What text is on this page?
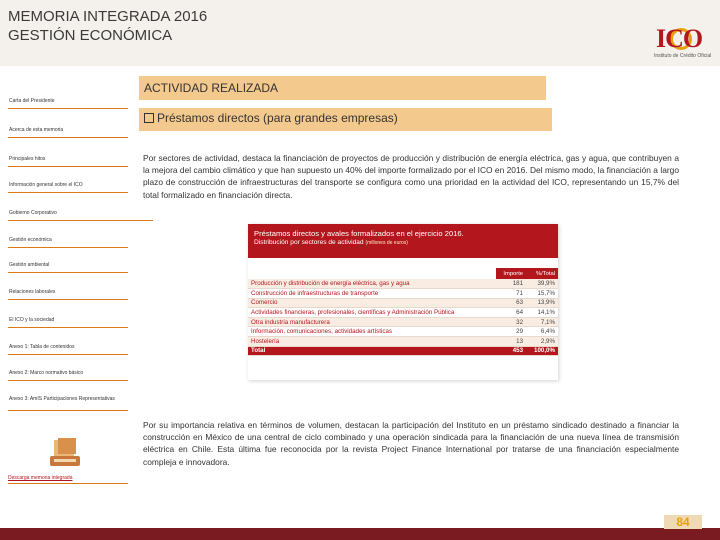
MEMORIA INTEGRADA 2016
GESTIÓN ECONÓMICA	ICO
Instituto de Crédito Oficial
ACTIVIDAD REALIZADA
Préstamos directos (para grandes empresas)
Carta del Presidente
Acerca de esta memoria
Principales hitos
Información general sobre el ICO
Gobierno Corporativo
Gestión económica
Gestión ambiental
Relaciones laborales
El ICO y la sociedad
Anexo 1: Tabla de contenidos
Anexo 2: Marco normativo básico
Anexo 3: AmIS Participaciones Representativas

Por sectores de actividad, destaca la financiación de proyectos de producción y distribución de energía eléctrica, gas y agua, que contribuyen a la mejora del cambio climático y que han supuesto un 40% del importe formalizado por el ICO en 2016. Del mismo modo, la financiación a largo plazo de construcción de infraestructuras del transporte se configura como una prioridad en la actividad del ICO, representando un 15,7% del total formalizado en financiación directa.

Préstamos directos y avales formalizados en el ejercicio 2016.
Distribución por sectores de actividad (millones de euros)
	Importe	%/Total
Producción y distribución de energía eléctrica, gas y agua	181	39,9%
Construcción de infraestructuras de transporte	71	15,7%
Comercio	63	13,9%
Actividades financieras, profesionales, científicas y Administración Pública	64	14,1%
Otra industria manufacturera	32	7,1%
Información, comunicaciones, actividades artísticas	29	6,4%
Hostelería	13	2,9%
Total	453	100,0%

Por su importancia relativa en términos de volumen, destacan la participación del Instituto en un préstamo sindicado destinado a financiar la construcción en México de una central de ciclo combinado y una operación sindicada para la financiación de una nueva línea de transmisión eléctrica en Chile. Esta última fue reconocida por la revista Project Finance International por tratarse de una financiación especialmente compleja e innovadora.

Descarga memoria integrada
84
